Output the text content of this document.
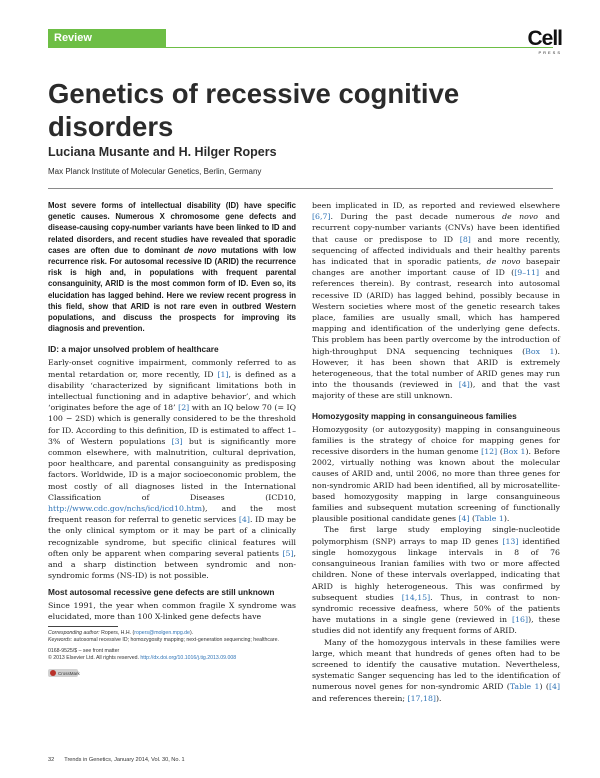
Review	Cell
PRESS
Genetics of recessive cognitive disorders
Luciana Musante and H. Hilger Ropers
Max Planck Institute of Molecular Genetics, Berlin, Germany

Most severe forms of intellectual disability (ID) have specific genetic causes. Numerous X chromosome gene defects and disease-causing copy-number variants have been linked to ID and related disorders, and recent studies have revealed that sporadic cases are often due to dominant de novo mutations with low recurrence risk. For autosomal recessive ID (ARID) the recurrence risk is high and, in populations with frequent parental consanguinity, ARID is the most common form of ID. Even so, its elucidation has lagged behind. Here we review recent progress in this field, show that ARID is not rare even in outbred Western populations, and discuss the prospects for improving its diagnosis and prevention.

ID: a major unsolved problem of healthcare

Early-onset cognitive impairment, commonly referred to as mental retardation or, more recently, ID [1], is defined as a disability ‘characterized by significant limitations both in intellectual functioning and in adaptive behavior’, and which ‘originates before the age of 18’ [2] with an IQ below 70 (= IQ 100 − 2SD) which is generally considered to be the threshold for ID. According to this definition, ID is estimated to affect 1–3% of Western populations [3] but is significantly more common elsewhere, with malnutrition, cultural deprivation, poor healthcare, and parental consanguinity as predisposing factors. Worldwide, ID is a major socioeconomic problem, the most costly of all diagnoses listed in the International Classification of Diseases (ICD10, http://www.cdc.gov/nchs/icd/icd10.htm), and the most frequent reason for referral to genetic services [4]. ID may be the only clinical symptom or it may be part of a clinically recognizable syndrome, but specific clinical features will often only be apparent when comparing several patients [5], and a sharp distinction between syndromic and non-syndromic forms (NS-ID) is not possible.

Most autosomal recessive gene defects are still unknown

Since 1991, the year when common fragile X syndrome was elucidated, more than 100 X-linked gene defects have

Corresponding author: Ropers, H.H. (ropers@molgen.mpg.de).

Keywords: autosomal recessive ID; homozygosity mapping; next-generation sequencing; healthcare.

0168-9525/$ – see front matter

© 2013 Elsevier Ltd. All rights reserved. http://dx.doi.org/10.1016/j.tig.2013.09.008

CrossMark

been implicated in ID, as reported and reviewed elsewhere [6,7]. During the past decade numerous de novo and recurrent copy-number variants (CNVs) have been identified that cause or predispose to ID [8] and more recently, sequencing of affected individuals and their healthy parents has indicated that in sporadic patients, de novo basepair changes are another important cause of ID ([9–11] and references therein). By contrast, research into autosomal recessive ID (ARID) has lagged behind, possibly because in Western societies where most of the genetic research takes place, families are usually small, which has hampered mapping and identification of the underlying gene defects. This problem has been partly overcome by the introduction of high-throughput DNA sequencing techniques (Box 1). However, it has been shown that ARID is extremely heterogeneous, that the total number of ARID genes may run into the thousands (reviewed in [4]), and that the vast majority of these are still unknown.

Homozygosity mapping in consanguineous families

Homozygosity (or autozygosity) mapping in consanguineous families is the strategy of choice for mapping genes for recessive disorders in the human genome [12] (Box 1). Before 2002, virtually nothing was known about the molecular causes of ARID and, until 2006, no more than three genes for non-syndromic ARID had been identified, all by microsatellite-based homozygosity mapping in large consanguineous families and subsequent mutation screening of functionally plausible positional candidate genes [4] (Table 1).

The first large study employing single-nucleotide polymorphism (SNP) arrays to map ID genes [13] identified single homozygous linkage intervals in 8 of 76 consanguineous Iranian families with two or more affected children. None of these intervals overlapped, indicating that ARID is highly heterogeneous. This was confirmed by subsequent studies [14,15]. Thus, in contrast to non-syndromic recessive deafness, where 50% of the patients have mutations in a single gene (reviewed in [16]), these studies did not identify any frequent forms of ARID.

Many of the homozygous intervals in these families were large, which meant that hundreds of genes often had to be screened to identify the causative mutation. Nevertheless, systematic Sanger sequencing has led to the identification of numerous novel genes for non-syndromic ARID (Table 1) ([4] and references therein; [17,18]).

32 Trends in Genetics, January 2014, Vol. 30, No. 1
